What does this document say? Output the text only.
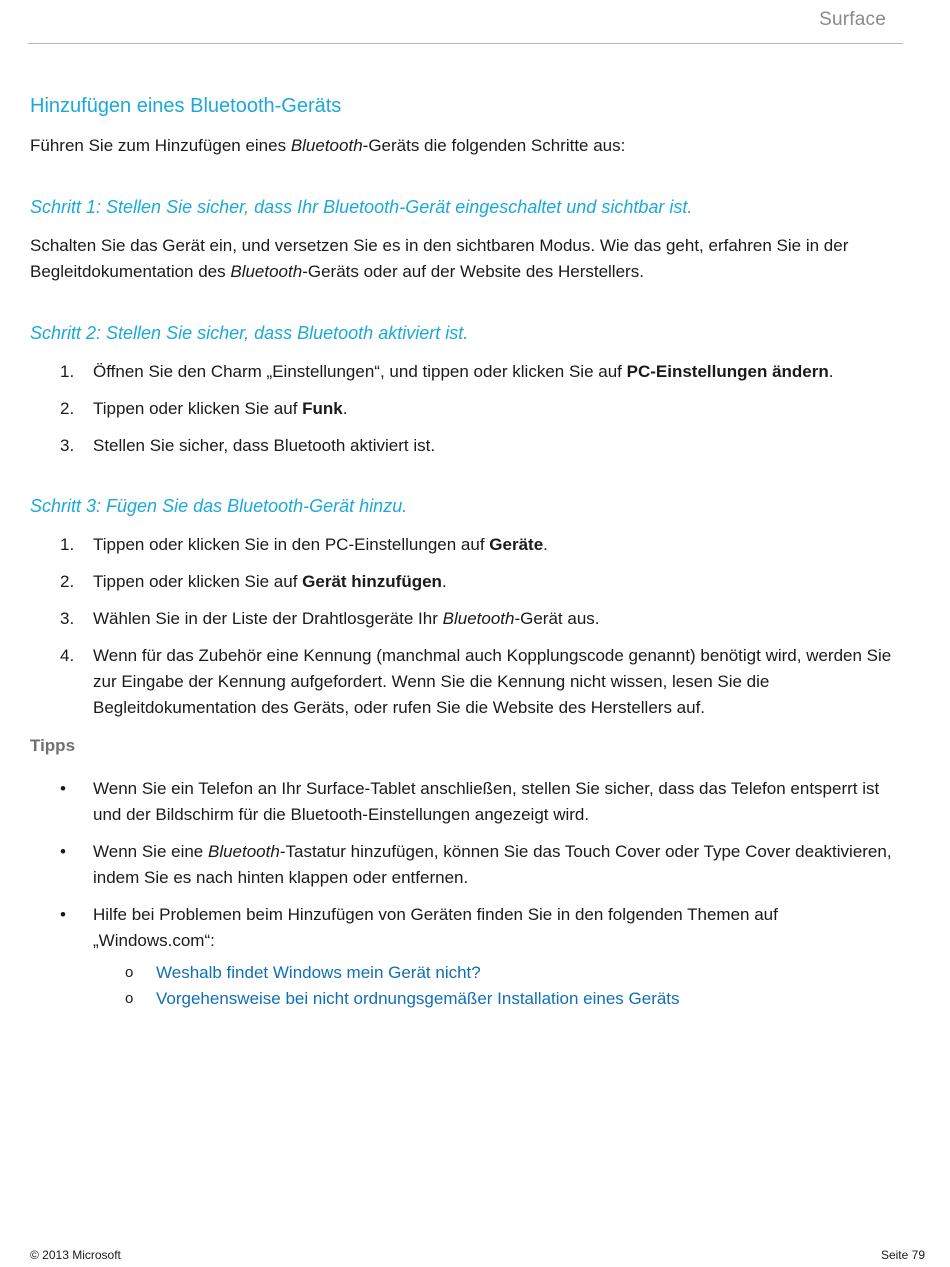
Surface
Hinzufügen eines Bluetooth-Geräts

Führen Sie zum Hinzufügen eines Bluetooth-Geräts die folgenden Schritte aus:

Schritt 1: Stellen Sie sicher, dass Ihr Bluetooth-Gerät eingeschaltet und sichtbar ist.

Schalten Sie das Gerät ein, und versetzen Sie es in den sichtbaren Modus. Wie das geht, erfahren Sie in der
Begleitdokumentation des Bluetooth-Geräts oder auf der Website des Herstellers.

Schritt 2: Stellen Sie sicher, dass Bluetooth aktiviert ist.
1. Öffnen Sie den Charm „Einstellungen“, und tippen oder klicken Sie auf PC-Einstellungen ändern.
2. Tippen oder klicken Sie auf Funk.
3. Stellen Sie sicher, dass Bluetooth aktiviert ist.
Schritt 3: Fügen Sie das Bluetooth-Gerät hinzu.
1. Tippen oder klicken Sie in den PC-Einstellungen auf Geräte.
2. Tippen oder klicken Sie auf Gerät hinzufügen.
3. Wählen Sie in der Liste der Drahtlosgeräte Ihr Bluetooth-Gerät aus.
4. Wenn für das Zubehör eine Kennung (manchmal auch Kopplungscode genannt) benötigt wird, werden Sie zur Eingabe der Kennung aufgefordert. Wenn Sie die Kennung nicht wissen, lesen Sie die Begleitdokumentation des Geräts, oder rufen Sie die Website des Herstellers auf.
Tipps
• Wenn Sie ein Telefon an Ihr Surface-Tablet anschließen, stellen Sie sicher, dass das Telefon entsperrt ist und der Bildschirm für die Bluetooth-Einstellungen angezeigt wird.
• Wenn Sie eine Bluetooth-Tastatur hinzufügen, können Sie das Touch Cover oder Type Cover deaktivieren, indem Sie es nach hinten klappen oder entfernen.
• Hilfe bei Problemen beim Hinzufügen von Geräten finden Sie in den folgenden Themen auf „Windows.com“:
o Weshalb findet Windows mein Gerät nicht?
o Vorgehensweise bei nicht ordnungsgemäßer Installation eines Geräts
© 2013 Microsoft	Seite 79
